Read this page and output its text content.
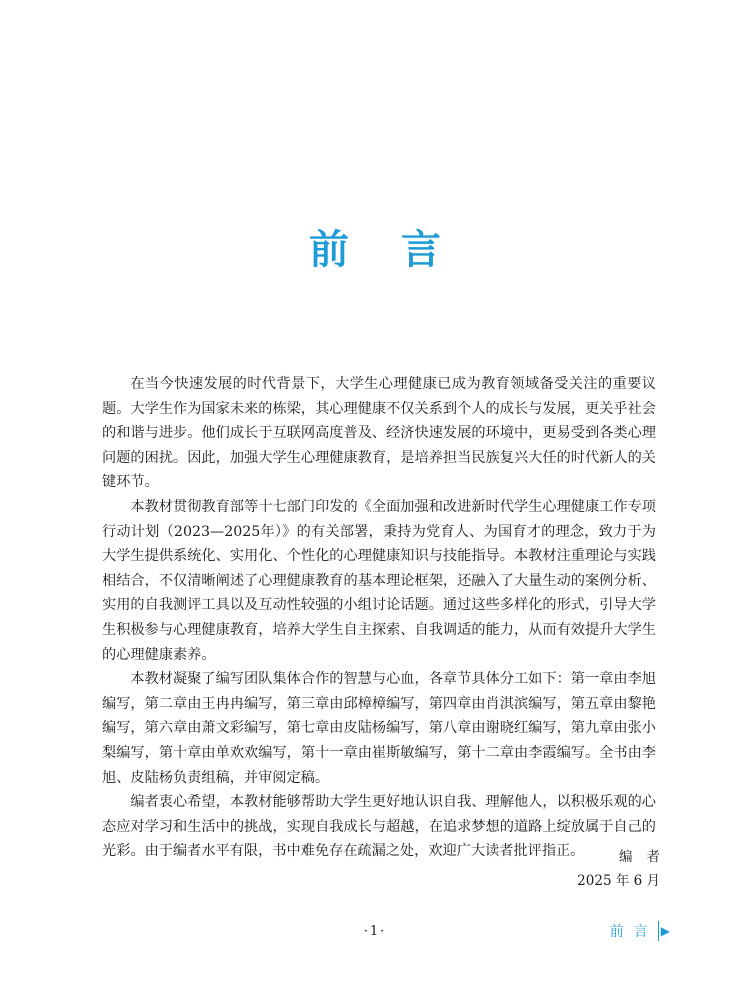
前言

在当今快速发展的时代背景下，大学生心理健康已成为教育领域备受关注的重要议题。大学生作为国家未来的栋梁，其心理健康不仅关系到个人的成长与发展，更关乎社会的和谐与进步。他们成长于互联网高度普及、经济快速发展的环境中，更易受到各类心理问题的困扰。因此，加强大学生心理健康教育，是培养担当民族复兴大任的时代新人的关键环节。

本教材贯彻教育部等十七部门印发的《全面加强和改进新时代学生心理健康工作专项行动计划（2023—2025年）》的有关部署，秉持为党育人、为国育才的理念，致力于为大学生提供系统化、实用化、个性化的心理健康知识与技能指导。本教材注重理论与实践相结合，不仅清晰阐述了心理健康教育的基本理论框架，还融入了大量生动的案例分析、实用的自我测评工具以及互动性较强的小组讨论话题。通过这些多样化的形式，引导大学生积极参与心理健康教育，培养大学生自主探索、自我调适的能力，从而有效提升大学生的心理健康素养。

本教材凝聚了编写团队集体合作的智慧与心血，各章节具体分工如下：第一章由李旭编写，第二章由王冉冉编写，第三章由邱樟樟编写，第四章由肖淇滨编写，第五章由黎艳编写，第六章由萧文彩编写，第七章由皮陆杨编写，第八章由谢晓红编写，第九章由张小梨编写，第十章由单欢欢编写，第十一章由崔斯敏编写，第十二章由李霞编写。全书由李旭、皮陆杨负责组稿，并审阅定稿。

编者衷心希望，本教材能够帮助大学生更好地认识自我、理解他人，以积极乐观的心态应对学习和生活中的挑战，实现自我成长与超越，在追求梦想的道路上绽放属于自己的光彩。由于编者水平有限，书中难免存在疏漏之处，欢迎广大读者批评指正。	编者
2025 年 6 月
·1·	前言 ▶
